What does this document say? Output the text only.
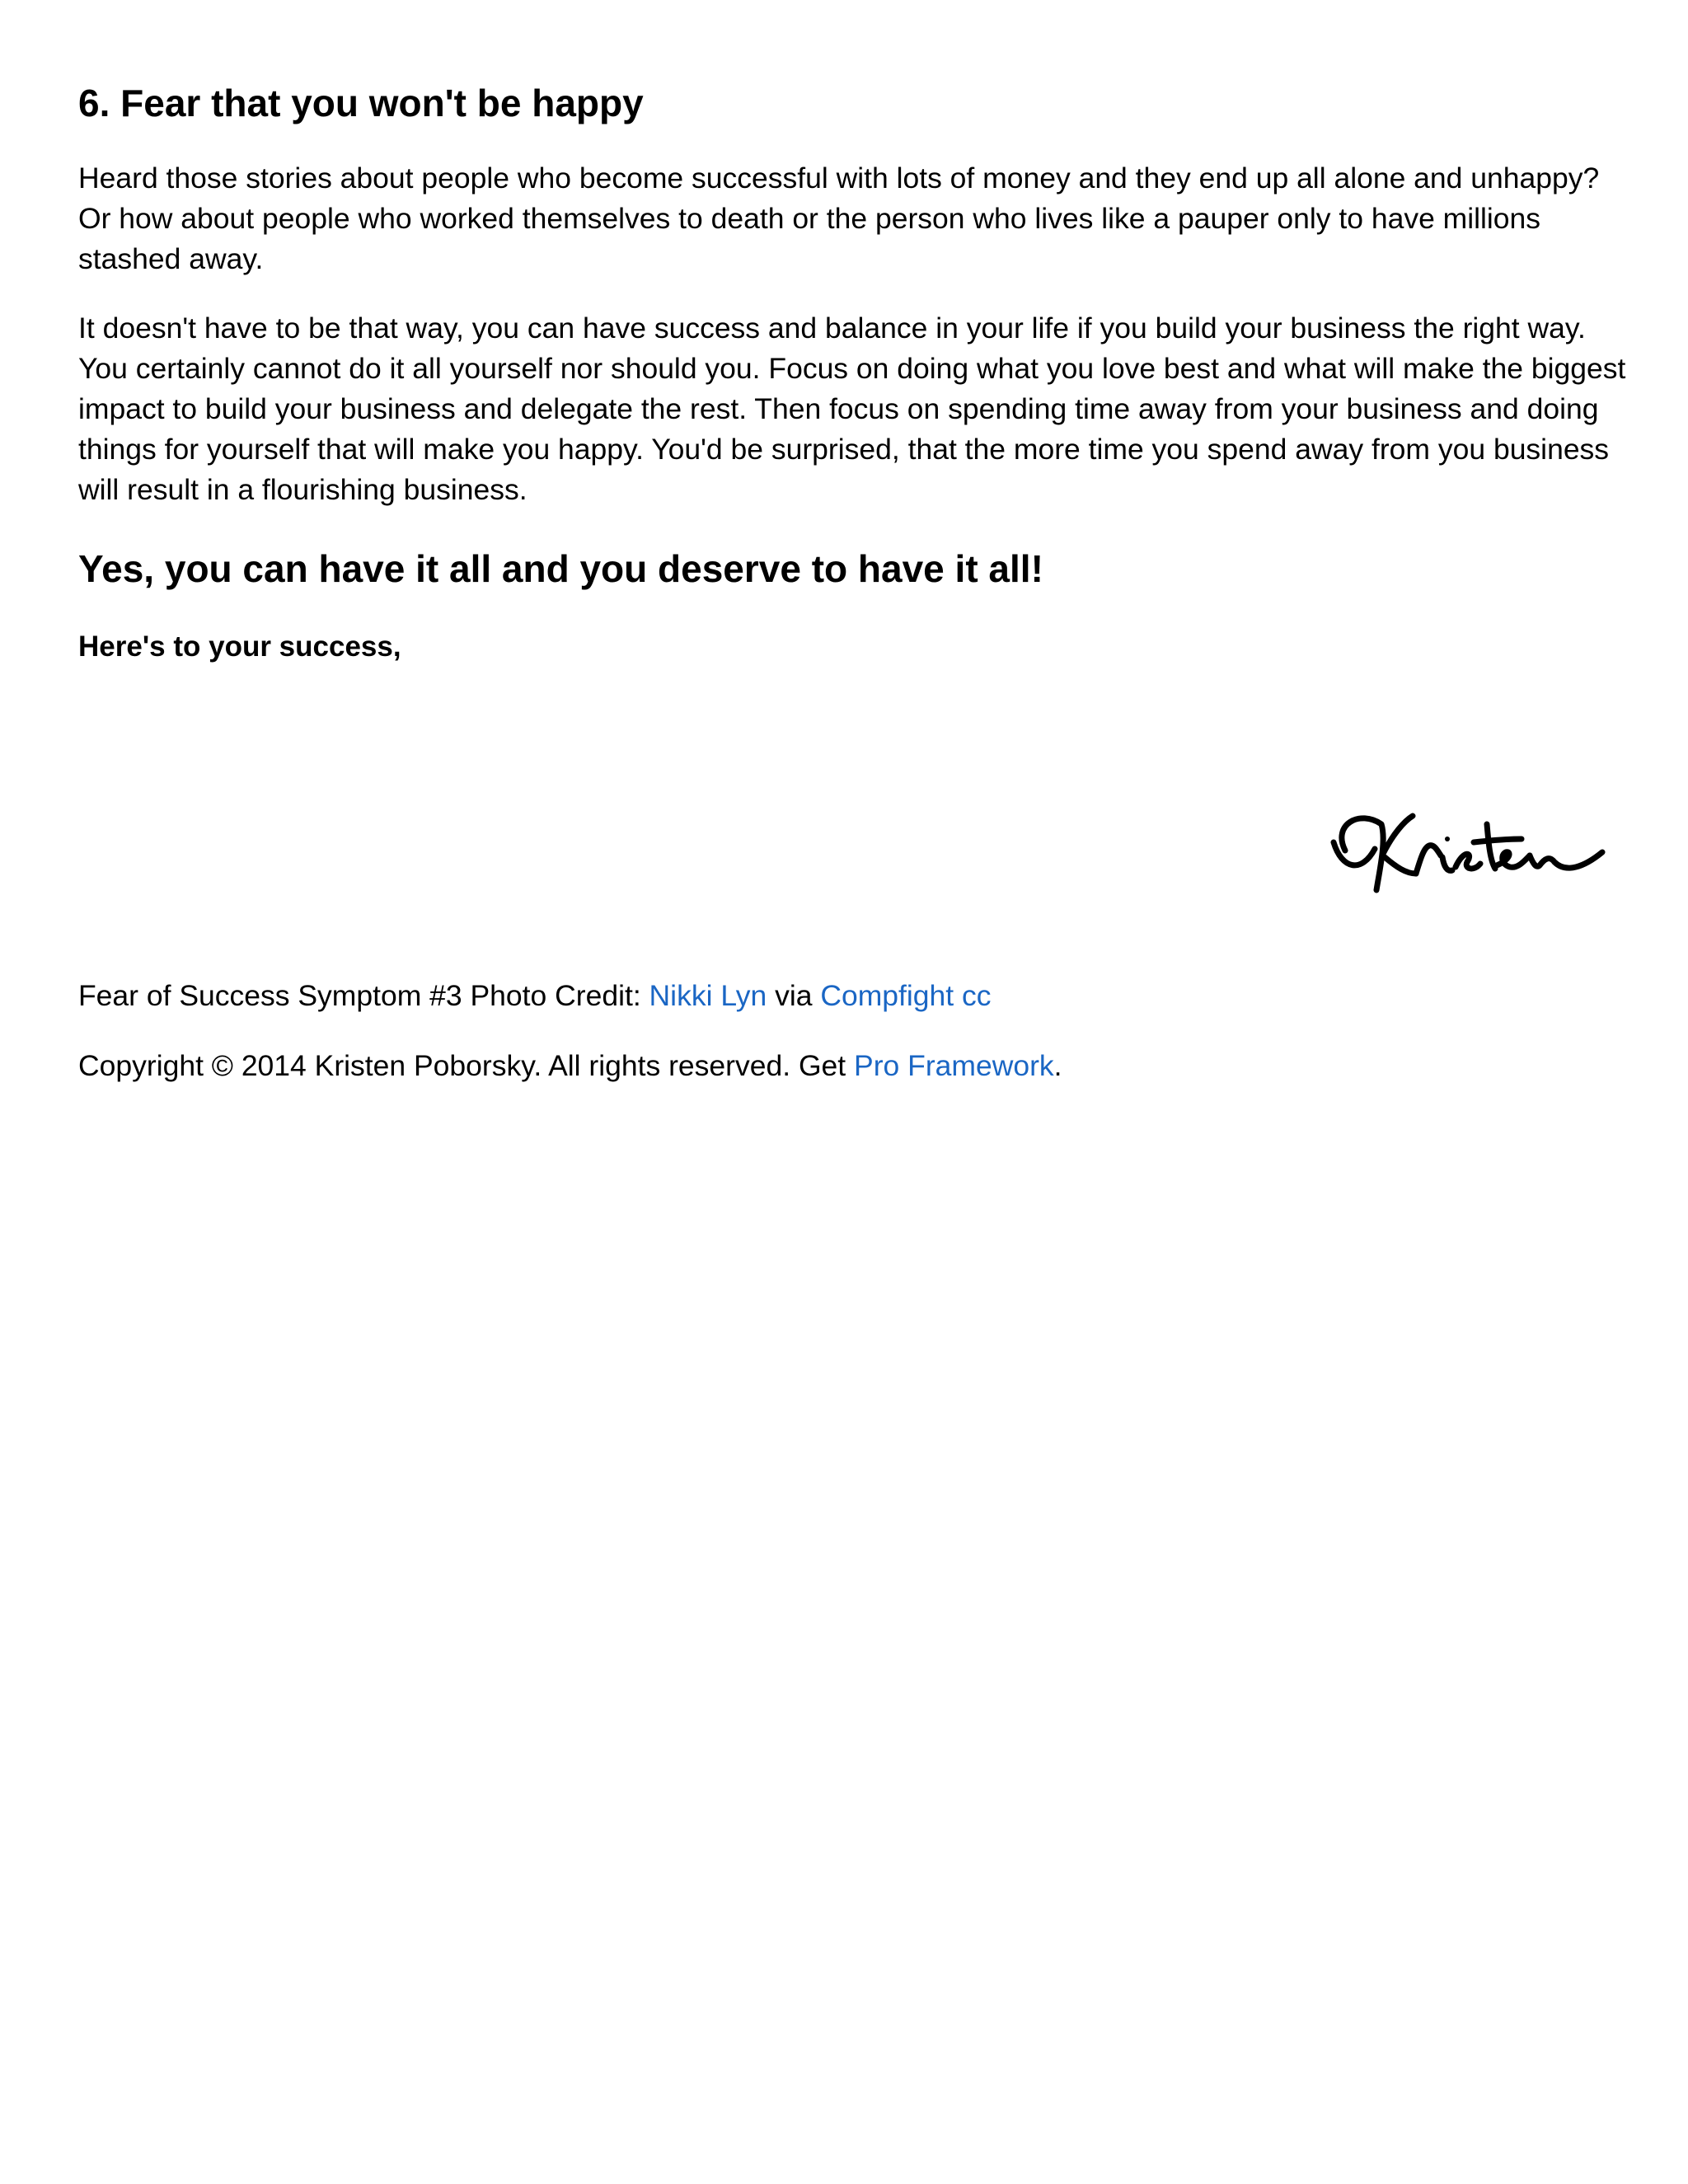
6. Fear that you won't be happy

Heard those stories about people who become successful with lots of money and they end up all alone and unhappy? Or how about people who worked themselves to death or the person who lives like a pauper only to have millions stashed away.

It doesn't have to be that way, you can have success and balance in your life if you build your business the right way. You certainly cannot do it all yourself nor should you. Focus on doing what you love best and what will make the biggest impact to build your business and delegate the rest. Then focus on spending time away from your business and doing things for yourself that will make you happy. You'd be surprised, that the more time you spend away from you business will result in a flourishing business.

Yes, you can have it all and you deserve to have it all!

Here's to your success,

Fear of Success Symptom #3 Photo Credit: Nikki Lyn via Compfight cc

Copyright © 2014 Kristen Poborsky. All rights reserved. Get Pro Framework.
